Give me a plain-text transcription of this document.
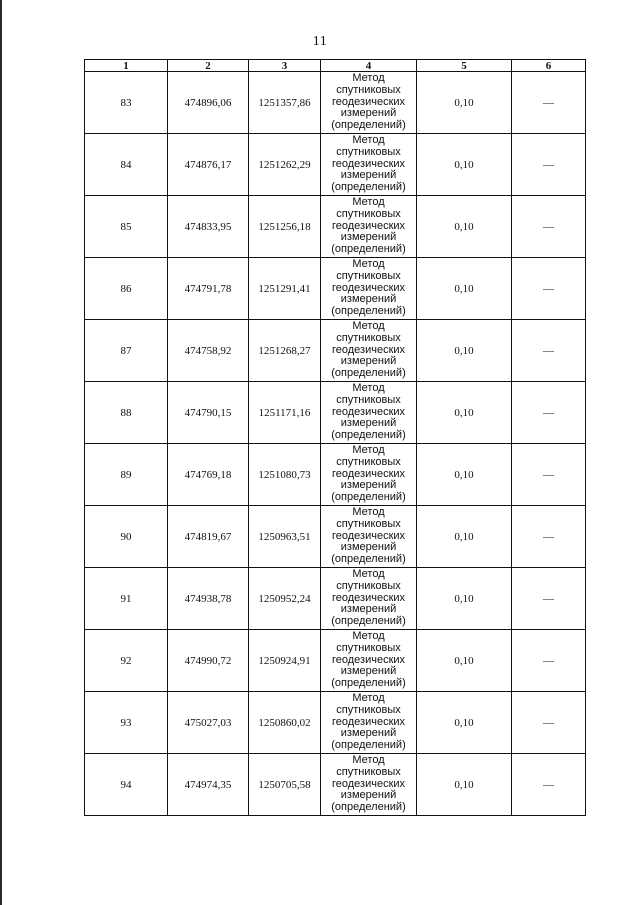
11
1	2	3	4	5	6
83	474896,06	1251357,86	Метод
спутниковых
геодезических
измерений
(определений)	0,10	—
84	474876,17	1251262,29	Метод
спутниковых
геодезических
измерений
(определений)	0,10	—
85	474833,95	1251256,18	Метод
спутниковых
геодезических
измерений
(определений)	0,10	—
86	474791,78	1251291,41	Метод
спутниковых
геодезических
измерений
(определений)	0,10	—
87	474758,92	1251268,27	Метод
спутниковых
геодезических
измерений
(определений)	0,10	—
88	474790,15	1251171,16	Метод
спутниковых
геодезических
измерений
(определений)	0,10	—
89	474769,18	1251080,73	Метод
спутниковых
геодезических
измерений
(определений)	0,10	—
90	474819,67	1250963,51	Метод
спутниковых
геодезических
измерений
(определений)	0,10	—
91	474938,78	1250952,24	Метод
спутниковых
геодезических
измерений
(определений)	0,10	—
92	474990,72	1250924,91	Метод
спутниковых
геодезических
измерений
(определений)	0,10	—
93	475027,03	1250860,02	Метод
спутниковых
геодезических
измерений
(определений)	0,10	—
94	474974,35	1250705,58	Метод
спутниковых
геодезических
измерений
(определений)	0,10	—
